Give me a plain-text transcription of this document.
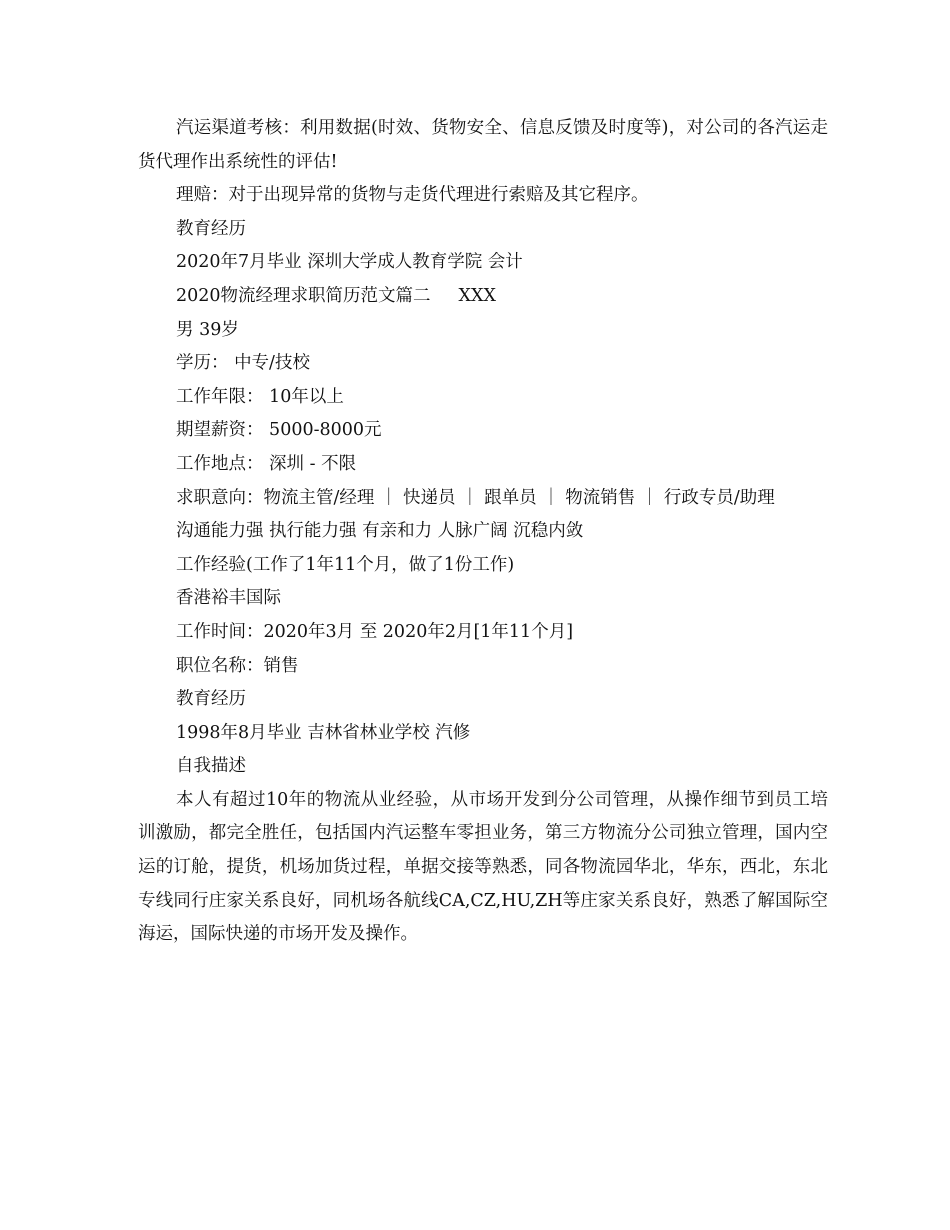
汽运渠道考核：利用数据(时效、货物安全、信息反馈及时度等)，对公司的各汽运走货代理作出系统性的评估!
理赔：对于出现异常的货物与走货代理进行索赔及其它程序。
教育经历
2020年7月毕业 深圳大学成人教育学院 会计
2020物流经理求职简历范文篇二 XXX
男 39岁
学历： 中专/技校
工作年限： 10年以上
期望薪资： 5000-8000元
工作地点： 深圳 - 不限
求职意向：物流主管/经理 ｜ 快递员 ｜ 跟单员 ｜ 物流销售 ｜ 行政专员/助理
沟通能力强 执行能力强 有亲和力 人脉广阔 沉稳内敛
工作经验(工作了1年11个月，做了1份工作)
香港裕丰国际
工作时间：2020年3月 至 2020年2月[1年11个月]
职位名称：销售
教育经历
1998年8月毕业 吉林省林业学校 汽修
自我描述
本人有超过10年的物流从业经验，从市场开发到分公司管理，从操作细节到员工培训激励，都完全胜任，包括国内汽运整车零担业务，第三方物流分公司独立管理，国内空运的订舱，提货，机场加货过程，单据交接等熟悉，同各物流园华北，华东，西北，东北专线同行庄家关系良好，同机场各航线CA,CZ,HU,ZH等庄家关系良好，熟悉了解国际空海运，国际快递的市场开发及操作。
